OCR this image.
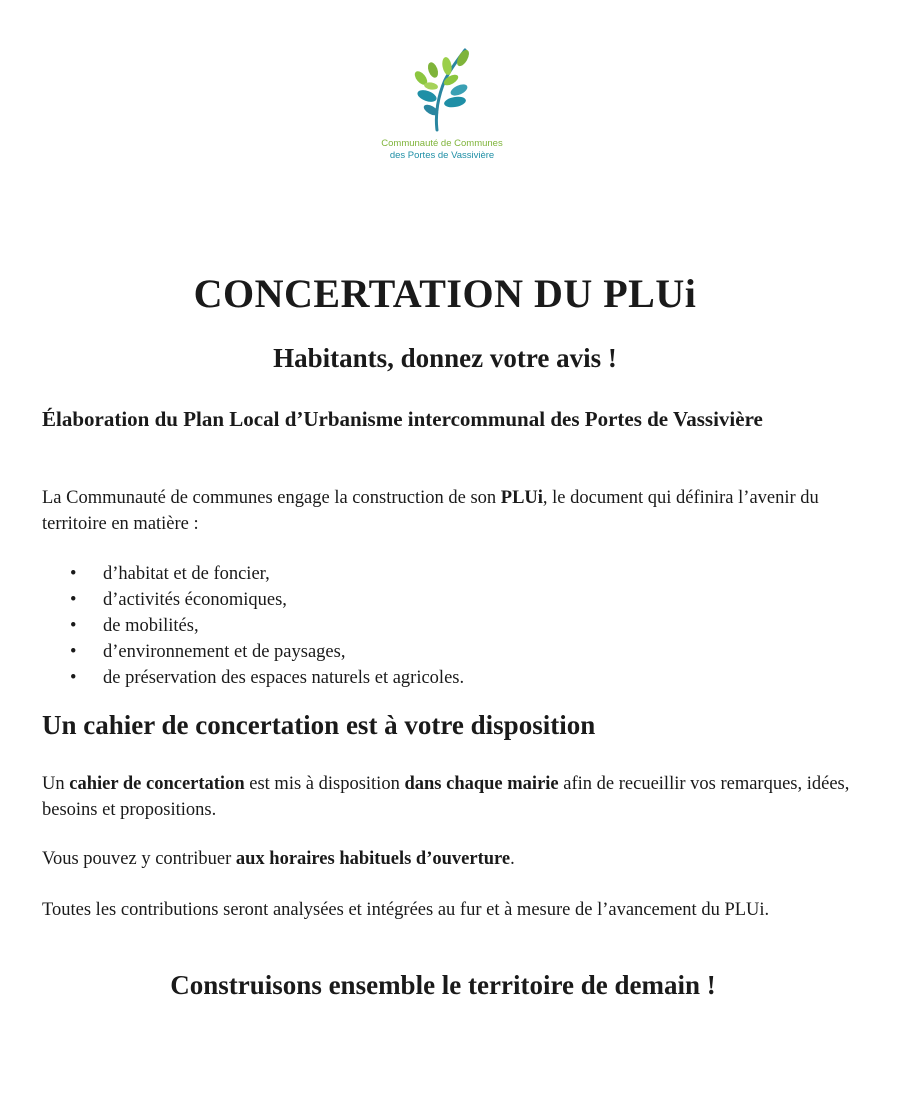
Communauté de Communes
des Portes de Vassivière
CONCERTATION DU PLUi
Habitants, donnez votre avis !
Élaboration du Plan Local d’Urbanisme intercommunal des Portes de Vassivière

La Communauté de communes engage la construction de son PLUi, le document qui définira l’avenir du territoire en matière :

• d’habitat et de foncier,
• d’activités économiques,
• de mobilités,
• d’environnement et de paysages,
• de préservation des espaces naturels et agricoles.
Un cahier de concertation est à votre disposition

Un cahier de concertation est mis à disposition dans chaque mairie afin de recueillir vos remarques, idées, besoins et propositions.

Vous pouvez y contribuer aux horaires habituels d’ouverture.

Toutes les contributions seront analysées et intégrées au fur et à mesure de l’avancement du PLUi.

Construisons ensemble le territoire de demain !
